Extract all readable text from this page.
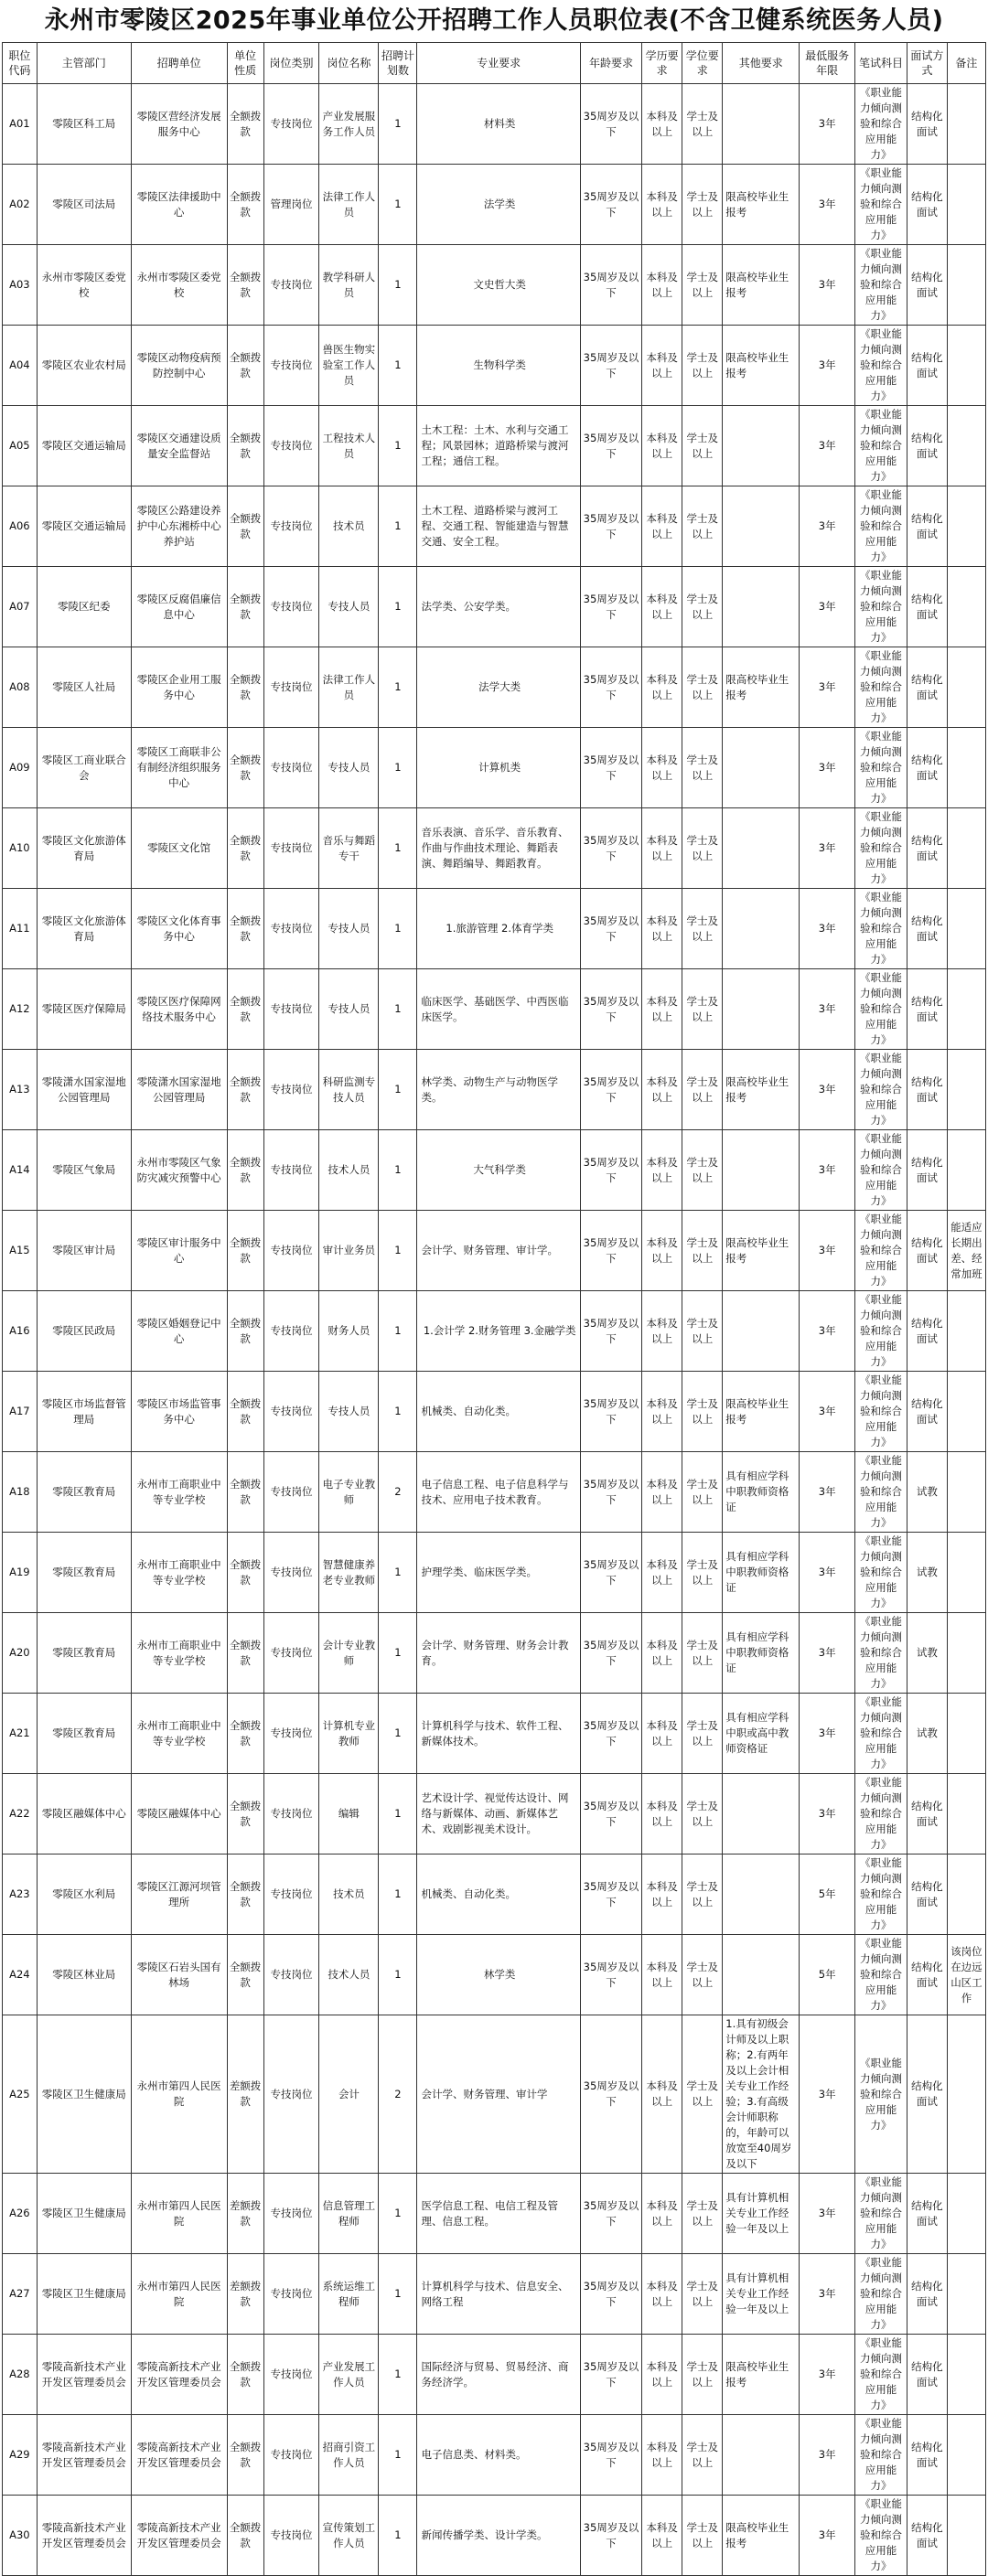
永州市零陵区2025年事业单位公开招聘工作人员职位表(不含卫健系统医务人员)
职位代码	主管部门	招聘单位	单位性质	岗位类别	岗位名称	招聘计划数	专业要求	年龄要求	学历要求	学位要求	其他要求	最低服务年限	笔试科目	面试方式	备注
A01	零陵区科工局	零陵区营经济发展服务中心	全额拨款	专技岗位	产业发展服务工作人员	1	材料类	35周岁及以下	本科及以上	学士及以上		3年	《职业能力倾向测验和综合应用能力》	结构化面试	
A02	零陵区司法局	零陵区法律援助中心	全额拨款	管理岗位	法律工作人员	1	法学类	35周岁及以下	本科及以上	学士及以上	限高校毕业生报考	3年	《职业能力倾向测验和综合应用能力》	结构化面试	
A03	永州市零陵区委党校	永州市零陵区委党校	全额拨款	专技岗位	教学科研人员	1	文史哲大类	35周岁及以下	本科及以上	学士及以上	限高校毕业生报考	3年	《职业能力倾向测验和综合应用能力》	结构化面试	
A04	零陵区农业农村局	零陵区动物疫病预防控制中心	全额拨款	专技岗位	兽医生物实验室工作人员	1	生物科学类	35周岁及以下	本科及以上	学士及以上	限高校毕业生报考	3年	《职业能力倾向测验和综合应用能力》	结构化面试	
A05	零陵区交通运输局	零陵区交通建设质量安全监督站	全额拨款	专技岗位	工程技术人员	1	土木工程：土木、水利与交通工程；风景园林；道路桥梁与渡河工程；通信工程。	35周岁及以下	本科及以上	学士及以上		3年	《职业能力倾向测验和综合应用能力》	结构化面试	
A06	零陵区交通运输局	零陵区公路建设养护中心东湘桥中心养护站	全额拨款	专技岗位	技术员	1	土木工程、道路桥梁与渡河工程、交通工程、智能建造与智慧交通、安全工程。	35周岁及以下	本科及以上	学士及以上		3年	《职业能力倾向测验和综合应用能力》	结构化面试	
A07	零陵区纪委	零陵区反腐倡廉信息中心	全额拨款	专技岗位	专技人员	1	法学类、公安学类。	35周岁及以下	本科及以上	学士及以上		3年	《职业能力倾向测验和综合应用能力》	结构化面试	
A08	零陵区人社局	零陵区企业用工服务中心	全额拨款	专技岗位	法律工作人员	1	法学大类	35周岁及以下	本科及以上	学士及以上	限高校毕业生报考	3年	《职业能力倾向测验和综合应用能力》	结构化面试	
A09	零陵区工商业联合会	零陵区工商联非公有制经济组织服务中心	全额拨款	专技岗位	专技人员	1	计算机类	35周岁及以下	本科及以上	学士及以上		3年	《职业能力倾向测验和综合应用能力》	结构化面试	
A10	零陵区文化旅游体育局	零陵区文化馆	全额拨款	专技岗位	音乐与舞蹈专干	1	音乐表演、音乐学、音乐教育、作曲与作曲技术理论、舞蹈表演、舞蹈编导、舞蹈教育。	35周岁及以下	本科及以上	学士及以上		3年	《职业能力倾向测验和综合应用能力》	结构化面试	
A11	零陵区文化旅游体育局	零陵区文化体育事务中心	全额拨款	专技岗位	专技人员	1	1.旅游管理 2.体育学类	35周岁及以下	本科及以上	学士及以上		3年	《职业能力倾向测验和综合应用能力》	结构化面试	
A12	零陵区医疗保障局	零陵区医疗保障网络技术服务中心	全额拨款	专技岗位	专技人员	1	临床医学、基础医学、中西医临床医学。	35周岁及以下	本科及以上	学士及以上		3年	《职业能力倾向测验和综合应用能力》	结构化面试	
A13	零陵潇水国家湿地公园管理局	零陵潇水国家湿地公园管理局	全额拨款	专技岗位	科研监测专技人员	1	林学类、动物生产与动物医学类。	35周岁及以下	本科及以上	学士及以上	限高校毕业生报考	3年	《职业能力倾向测验和综合应用能力》	结构化面试	
A14	零陵区气象局	永州市零陵区气象防灾减灾预警中心	全额拨款	专技岗位	技术人员	1	大气科学类	35周岁及以下	本科及以上	学士及以上		3年	《职业能力倾向测验和综合应用能力》	结构化面试	
A15	零陵区审计局	零陵区审计服务中心	全额拨款	专技岗位	审计业务员	1	会计学、财务管理、审计学。	35周岁及以下	本科及以上	学士及以上	限高校毕业生报考	3年	《职业能力倾向测验和综合应用能力》	结构化面试	能适应长期出差、经常加班
A16	零陵区民政局	零陵区婚姻登记中心	全额拨款	专技岗位	财务人员	1	1.会计学 2.财务管理 3.金融学类	35周岁及以下	本科及以上	学士及以上		3年	《职业能力倾向测验和综合应用能力》	结构化面试	
A17	零陵区市场监督管理局	零陵区市场监管事务中心	全额拨款	专技岗位	专技人员	1	机械类、自动化类。	35周岁及以下	本科及以上	学士及以上	限高校毕业生报考	3年	《职业能力倾向测验和综合应用能力》	结构化面试	
A18	零陵区教育局	永州市工商职业中等专业学校	全额拨款	专技岗位	电子专业教师	2	电子信息工程、电子信息科学与技术、应用电子技术教育。	35周岁及以下	本科及以上	学士及以上	具有相应学科中职教师资格证	3年	《职业能力倾向测验和综合应用能力》	试教	
A19	零陵区教育局	永州市工商职业中等专业学校	全额拨款	专技岗位	智慧健康养老专业教师	1	护理学类、临床医学类。	35周岁及以下	本科及以上	学士及以上	具有相应学科中职教师资格证	3年	《职业能力倾向测验和综合应用能力》	试教	
A20	零陵区教育局	永州市工商职业中等专业学校	全额拨款	专技岗位	会计专业教师	1	会计学、财务管理、财务会计教育。	35周岁及以下	本科及以上	学士及以上	具有相应学科中职教师资格证	3年	《职业能力倾向测验和综合应用能力》	试教	
A21	零陵区教育局	永州市工商职业中等专业学校	全额拨款	专技岗位	计算机专业教师	1	计算机科学与技术、软件工程、新媒体技术。	35周岁及以下	本科及以上	学士及以上	具有相应学科中职或高中教师资格证	3年	《职业能力倾向测验和综合应用能力》	试教	
A22	零陵区融媒体中心	零陵区融媒体中心	全额拨款	专技岗位	编辑	1	艺术设计学、视觉传达设计、网络与新媒体、动画、新媒体艺术、戏剧影视美术设计。	35周岁及以下	本科及以上	学士及以上		3年	《职业能力倾向测验和综合应用能力》	结构化面试	
A23	零陵区水利局	零陵区江源河坝管理所	全额拨款	专技岗位	技术员	1	机械类、自动化类。	35周岁及以下	本科及以上	学士及以上		5年	《职业能力倾向测验和综合应用能力》	结构化面试	
A24	零陵区林业局	零陵区石岩头国有林场	全额拨款	专技岗位	技术人员	1	林学类	35周岁及以下	本科及以上	学士及以上		5年	《职业能力倾向测验和综合应用能力》	结构化面试	该岗位在边远山区工作
A25	零陵区卫生健康局	永州市第四人民医院	差额拨款	专技岗位	会计	2	会计学、财务管理、审计学	35周岁及以下	本科及以上	学士及以上	1.具有初级会计师及以上职称；2.有两年及以上会计相关专业工作经验；3.有高级会计师职称的，年龄可以放宽至40周岁及以下	3年	《职业能力倾向测验和综合应用能力》	结构化面试	
A26	零陵区卫生健康局	永州市第四人民医院	差额拨款	专技岗位	信息管理工程师	1	医学信息工程、电信工程及管理、信息工程。	35周岁及以下	本科及以上	学士及以上	具有计算机相关专业工作经验一年及以上	3年	《职业能力倾向测验和综合应用能力》	结构化面试	
A27	零陵区卫生健康局	永州市第四人民医院	差额拨款	专技岗位	系统运维工程师	1	计算机科学与技术、信息安全、网络工程	35周岁及以下	本科及以上	学士及以上	具有计算机相关专业工作经验一年及以上	3年	《职业能力倾向测验和综合应用能力》	结构化面试	
A28	零陵高新技术产业开发区管理委员会	零陵高新技术产业开发区管理委员会	全额拨款	专技岗位	产业发展工作人员	1	国际经济与贸易、贸易经济、商务经济学。	35周岁及以下	本科及以上	学士及以上	限高校毕业生报考	3年	《职业能力倾向测验和综合应用能力》	结构化面试	
A29	零陵高新技术产业开发区管理委员会	零陵高新技术产业开发区管理委员会	全额拨款	专技岗位	招商引资工作人员	1	电子信息类、材料类。	35周岁及以下	本科及以上	学士及以上		3年	《职业能力倾向测验和综合应用能力》	结构化面试	
A30	零陵高新技术产业开发区管理委员会	零陵高新技术产业开发区管理委员会	全额拨款	专技岗位	宣传策划工作人员	1	新闻传播学类、设计学类。	35周岁及以下	本科及以上	学士及以上	限高校毕业生报考	3年	《职业能力倾向测验和综合应用能力》	结构化面试	
